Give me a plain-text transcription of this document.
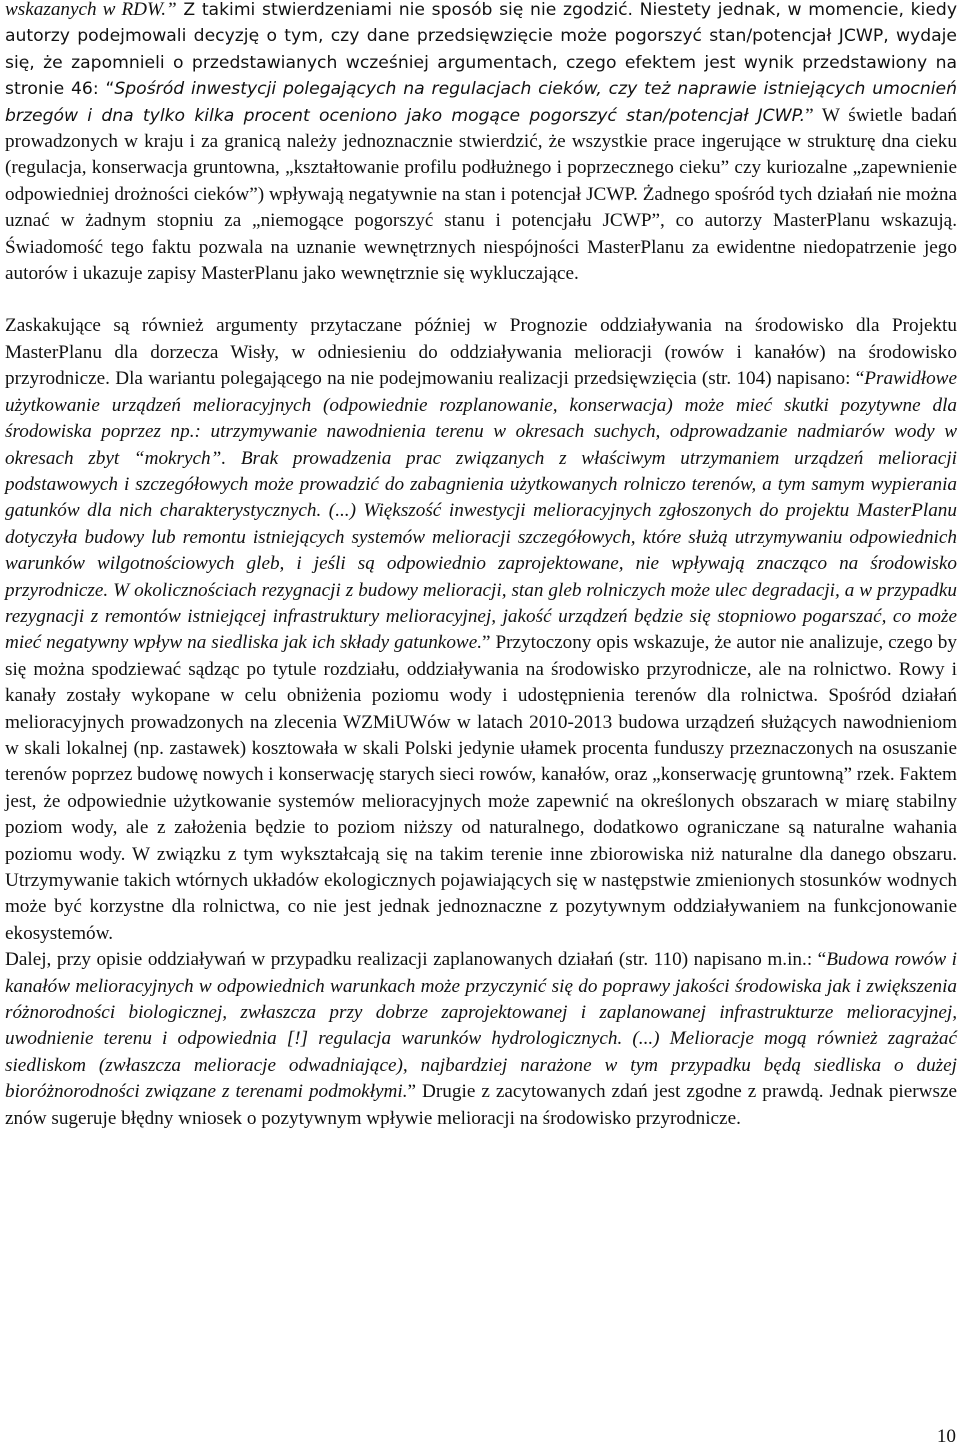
wskazanych w RDW.” Z takimi stwierdzeniami nie sposób się nie zgodzić. Niestety jednak, w momencie, kiedy autorzy podejmowali decyzję o tym, czy dane przedsięwzięcie może pogorszyć stan/potencjał JCWP, wydaje się, że zapomnieli o przedstawianych wcześniej argumentach, czego efektem jest wynik przedstawiony na stronie 46: “Spośród inwestycji polegających na regulacjach cieków, czy też naprawie istniejących umocnień brzegów i dna tylko kilka procent oceniono jako mogące pogorszyć stan/potencjał JCWP.” W świetle badań prowadzonych w kraju i za granicą należy jednoznacznie stwierdzić, że wszystkie prace ingerujące w strukturę dna cieku (regulacja, konserwacja gruntowna, „kształtowanie profilu podłużnego i poprzecznego cieku” czy kuriozalne „zapewnienie odpowiedniej drożności cieków”) wpływają negatywnie na stan i potencjał JCWP. Żadnego spośród tych działań nie można uznać w żadnym stopniu za „niemogące pogorszyć stanu i potencjału JCWP”, co autorzy MasterPlanu wskazują. Świadomość tego faktu pozwala na uznanie wewnętrznych niespójności MasterPlanu za ewidentne niedopatrzenie jego autorów i ukazuje zapisy MasterPlanu jako wewnętrznie się wykluczające.

Zaskakujące są również argumenty przytaczane później w Prognozie oddziaływania na środowisko dla Projektu MasterPlanu dla dorzecza Wisły, w odniesieniu do oddziaływania melioracji (rowów i kanałów) na środowisko przyrodnicze. Dla wariantu polegającego na nie podejmowaniu realizacji przedsięwzięcia (str. 104) napisano: “Prawidłowe użytkowanie urządzeń melioracyjnych (odpowiednie rozplanowanie, konserwacja) może mieć skutki pozytywne dla środowiska poprzez np.: utrzymywanie nawodnienia terenu w okresach suchych, odprowadzanie nadmiarów wody w okresach zbyt “mokrych”. Brak prowadzenia prac związanych z właściwym utrzymaniem urządzeń melioracji podstawowych i szczegółowych może prowadzić do zabagnienia użytkowanych rolniczo terenów, a tym samym wypierania gatunków dla nich charakterystycznych. (...) Większość inwestycji melioracyjnych zgłoszonych do projektu MasterPlanu dotyczyła budowy lub remontu istniejących systemów melioracji szczegółowych, które służą utrzymywaniu odpowiednich warunków wilgotnościowych gleb, i jeśli są odpowiednio zaprojektowane, nie wpływają znacząco na środowisko przyrodnicze. W okolicznościach rezygnacji z budowy melioracji, stan gleb rolniczych może ulec degradacji, a w przypadku rezygnacji z remontów istniejącej infrastruktury melioracyjnej, jakość urządzeń będzie się stopniowo pogarszać, co może mieć negatywny wpływ na siedliska jak ich składy gatunkowe.” Przytoczony opis wskazuje, że autor nie analizuje, czego by się można spodziewać sądząc po tytule rozdziału, oddziaływania na środowisko przyrodnicze, ale na rolnictwo. Rowy i kanały zostały wykopane w celu obniżenia poziomu wody i udostępnienia terenów dla rolnictwa. Spośród działań melioracyjnych prowadzonych na zlecenia WZMiUWów w latach 2010-2013 budowa urządzeń służących nawodnieniom w skali lokalnej (np. zastawek) kosztowała w skali Polski jedynie ułamek procenta funduszy przeznaczonych na osuszanie terenów poprzez budowę nowych i konserwację starych sieci rowów, kanałów, oraz „konserwację gruntowną” rzek. Faktem jest, że odpowiednie użytkowanie systemów melioracyjnych może zapewnić na określonych obszarach w miarę stabilny poziom wody, ale z założenia będzie to poziom niższy od naturalnego, dodatkowo ograniczane są naturalne wahania poziomu wody. W związku z tym wykształcają się na takim terenie inne zbiorowiska niż naturalne dla danego obszaru. Utrzymywanie takich wtórnych układów ekologicznych pojawiających się w następstwie zmienionych stosunków wodnych może być korzystne dla rolnictwa, co nie jest jednak jednoznaczne z pozytywnym oddziaływaniem na funkcjonowanie ekosystemów.

Dalej, przy opisie oddziaływań w przypadku realizacji zaplanowanych działań (str. 110) napisano m.in.: “Budowa rowów i kanałów melioracyjnych w odpowiednich warunkach może przyczynić się do poprawy jakości środowiska jak i zwiększenia różnorodności biologicznej, zwłaszcza przy dobrze zaprojektowanej i zaplanowanej infrastrukturze melioracyjnej, uwodnienie terenu i odpowiednia [!] regulacja warunków hydrologicznych. (...) Melioracje mogą również zagrażać siedliskom (zwłaszcza melioracje odwadniające), najbardziej narażone w tym przypadku będą siedliska o dużej bioróżnorodności związane z terenami podmokłymi.” Drugie z zacytowanych zdań jest zgodne z prawdą. Jednak pierwsze znów sugeruje błędny wniosek o pozytywnym wpływie melioracji na środowisko przyrodnicze.

10
